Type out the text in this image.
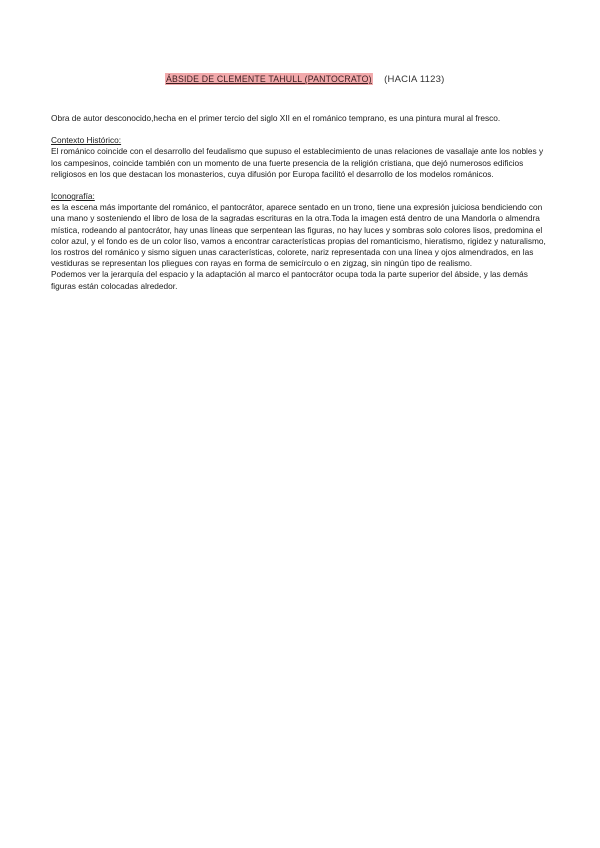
ÁBSIDE DE CLEMENTE TAHULL (PANTOCRATO) (HACIA 1123)

Obra de autor desconocido,hecha en el primer tercio del siglo XII en el románico temprano, es una pintura mural al fresco.

Contexto Histórico:

El románico coincide con el desarrollo del feudalismo que supuso el establecimiento de unas relaciones de vasallaje ante los nobles y los campesinos, coincide también con un momento de una fuerte presencia de la religión cristiana, que dejó numerosos edificios religiosos en los que destacan los monasterios, cuya difusión por Europa facilitó el desarrollo de los modelos románicos.

Iconografía:

es la escena más importante del románico, el pantocrátor, aparece sentado en un trono, tiene una expresión juiciosa bendiciendo con una mano y sosteniendo el libro de losa de la sagradas escrituras en la otra.Toda la imagen está dentro de una Mandorla o almendra mística, rodeando al pantocrátor, hay unas líneas que serpentean las figuras, no hay luces y sombras solo colores lisos, predomina el color azul, y el fondo es de un color liso, vamos a encontrar características propias del romanticismo, hieratismo, rigidez y naturalismo, los rostros del románico y sismo siguen unas características, colorete, nariz representada con una línea y ojos almendrados, en las vestiduras se representan los pliegues con rayas en forma de semicírculo o en zigzag, sin ningún tipo de realismo.

Podemos ver la jerarquía del espacio y la adaptación al marco el pantocrátor ocupa toda la parte superior del ábside, y las demás figuras están colocadas alrededor.
